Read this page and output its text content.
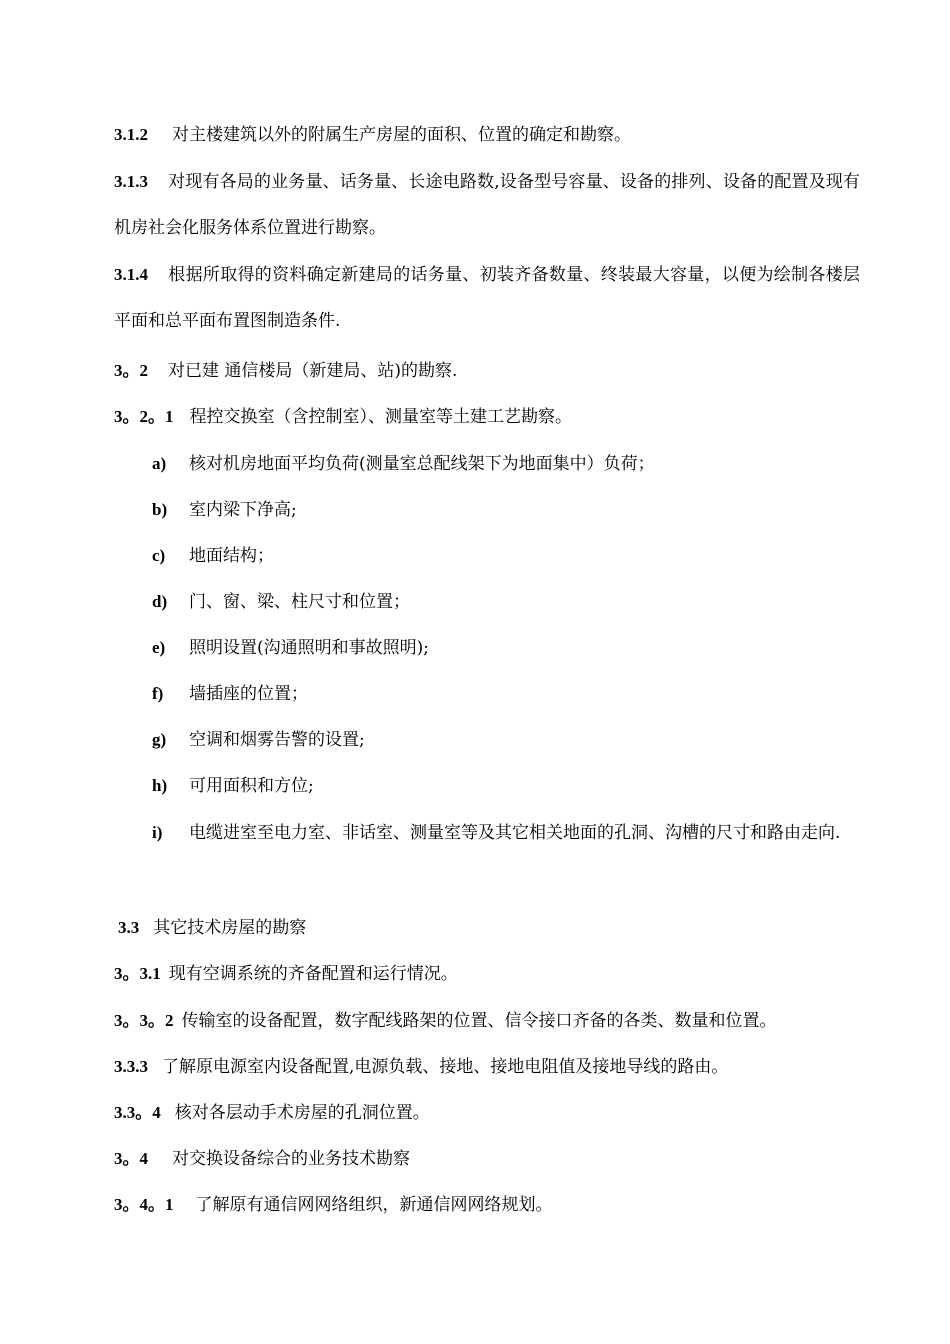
3.1.2 对主楼建筑以外的附属生产房屋的面积、位置的确定和勘察。
3.1.3 对现有各局的业务量、话务量、长途电路数,设备型号容量、设备的排列、设备的配置及现有机房社会化服务体系位置进行勘察。
3.1.4 根据所取得的资料确定新建局的话务量、初装齐备数量、终装最大容量，以便为绘制各楼层平面和总平面布置图制造条件.
3。2 对已建 通信楼局（新建局、站)的勘察.
3。2。1 程控交换室（含控制室）、测量室等土建工艺勘察。
a) 核对机房地面平均负荷(测量室总配线架下为地面集中）负荷；
b) 室内梁下净高;
c) 地面结构；
d) 门、窗、梁、柱尺寸和位置；
e) 照明设置(沟通照明和事故照明);
f) 墙插座的位置；
g) 空调和烟雾告警的设置;
h) 可用面积和方位;
i) 电缆进室至电力室、非话室、测量室等及其它相关地面的孔洞、沟槽的尺寸和路由走向.
3.3 其它技术房屋的勘察
3。3.1 现有空调系统的齐备配置和运行情况。
3。3。2 传输室的设备配置，数字配线路架的位置、信令接口齐备的各类、数量和位置。
3.3.3 了解原电源室内设备配置,电源负载、接地、接地电阻值及接地导线的路由。
3.3。4 核对各层动手术房屋的孔洞位置。
3。4 对交换设备综合的业务技术勘察
3。4。1 了解原有通信网网络组织，新通信网网络规划。
